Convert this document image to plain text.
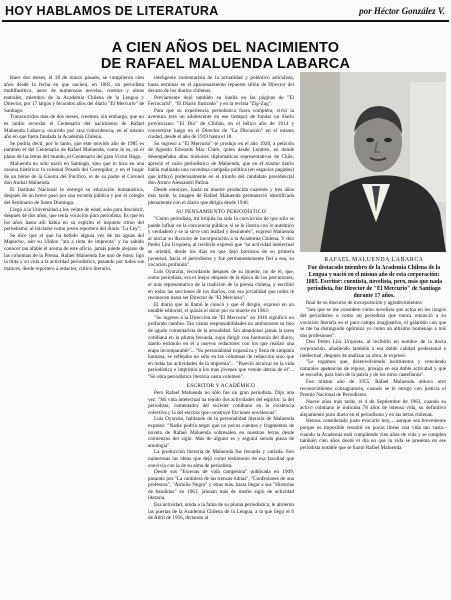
HOY HABLAMOS DE LITERATURA	por Héctor González V.
A CIEN AÑOS DEL NACIMIENTO
DE RAFAEL MALUENDA LABARCA

Hace dos meses, el 18 de marzo pasado, se cumplieron cien años desde la fecha en que naciera, en 1885, un periodista multifacético, autor de numerosas novelas, cuentos y obras teatrales, miembro de la Academia Chilena de la Lengua y Director, por 17 largos y fecundos años del diario "El Mercurio" de Santiago.

Transcurridos más de dos meses, creemos, sin embargo, que no es tardío recordar el Centenario del nacimiento de Rafael Maluenda Labarca, ocurrido por rara coincidencia, en el mismo año en que fuera fundada la Academia Chilena.

Se podría decir, por lo tanto, que este movido año de 1985 es también el del Centenario de Rafael Maluenda, como lo es, en el plano de las letras del mundo, el Centenario del gran Víctor Hugo.

Maluenda no sólo nació en Santiago, sino que lo hizo en una casona histórica: la colonial Posada del Corregidor, y en el hogar de un héroe de la Guerra del Pacífico, el de su padre el Coronel don Aníbal Maluenda.

El Instituto Nacional lo entregó su educación humanística, después de un breve paso por una escuela pública y por el colegio del Seminario de Santo Domingo.

Llegó a la Universidad a los veinte de edad, solo para descubrir, después de dos años, que tenía vocación para periodista. Es que en los años hasta allí había en su espíritu el inquieto ritmo del periodismo, al iniciarse como joven reportero del diario "La Ley".

Se dice que el que ha bebido alguna vez de las aguas del Mapocho, aún su Uláloo "ata a tinta de imprenta" y ha sabido conocer tan afable el aroma de este oficio, jamás puede alejarse de las columnas de la Prensa. Rafael Maluenda fue uno de éstos: ligó la tinta y su vida a la actividad periodística, pasando por todos sus matices, desde reportero a redactor, crítico literario,

inteligente comentarista de la actualidad y polémico articulista, hasta terminar en el apasionamiento repuesto sillón de Director del decano de los diarios chilenos.

Previamente dejó también su huella en las páginas de "El Ferrocarril", "El Diario Ilustrado" y en la revista "Zig-Zag".

Para que su experiencia periodística fuera completa, vivió la aventura (era un adolescente en ese tiempo) de fundar un diario provinciano: "El Día" de Chillán, en el bélico año de 1914 y convertirse luego en el Director de "La Discusión" en el mismo ciudad, desde el año de 1919 hasta el 18.

Su ingreso a "El Mercurio" se produjo en el año 1920, a petición de Agustín Edwards Mac Clure, quien desde Londres, en donde desempeñaba altas misiones diplomáticas representativas de Chile, apreció el valor periodístico de Maluenda, que en el mismo diario había realizado una novedosa campaña política (en espacios pagados) que influyó poderosamente en el triunfo del candidato presidencial don Arturo Alessandri Palma.

Desde entonces, hasta su muerte producida cuarenta y tres años más tarde, la imagen de Rafael Maluenda permaneció identificada plenamente con el diario que dirigía desde 1946.

SU PENSAMIENTO PERIODÍSTICO

"Como periodista, mi brújula ha sido la convicción de que sólo se puede influir en la conciencia pública, si se le ilustra con lo auténtico y verdadero y se la sirve con lealtad y desinterés", expresó Maluenda al iniciar su discurso de incorporación a la Academia Chilena. Y don Pedro Lira Urquieta, al recibirlo expresó que "su actividad intelectual se orientó, desde los días en que dejó borrosos de su primera juventud, hacia el periodismo y fue permanentemente fiel a esa, su vocación profunda".

Luis Oyarzún, recordando después de su muerte, no de él, que, como periodista, era el mejor después de la época de los precursores, el más representativo de la tradición de la prensa chilena, y escribió en todas las secciones de los diarios, con esa jovialidad que todos le reconocen hasta ser Director de "El Mercurio".

El diario que lo llamó le colocó y que él dirigió, expresó en un notable editorial, el quizás el dolor por su muerte en 1963:

"Su ingreso a la Dirección de "El Mercurio" en 1946 significó un profundo cambio. Tan vastas responsabilidades no aminoraron su tino de agudo comentarista de la actualidad. Sin abandonar jamás la tarea cotidiana en la pluma fecunda, supo dirigir con harmonía del diario, dando estímulo en él a nuevos redactores con los que realizó una etapa incomparable"... "Su personalidad expansiva y llena de simpatía humana, se reflejaba no sólo en las columnas de redacción sino que en todas las actividades de la imprenta"... "Pareció inculcar en la vida periodística e imprimía a los más jóvenes que venían detrás de él"... "Su obra periodística literaria vasta volumen".

ESCRITOR Y ACADÉMICO

Pero Rafael Maluenda no sólo fue un gran periodista. Dijo una vez: "Mi vida intelectual ha tenido dos actividades del espíritu: la del periodista, comentador del suceder cotidiano en la existencia colectiva y la del escritor que construye ficciones novelescas".

Luis Oyarzún, hablando de la personalidad literaria de Maluenda expresó: "Nadie podría negar que no pocos cuentos y fragmentos de novela de Rafael Maluenda sobresalen en nuestras letras desde comienzos del siglo. Más de alguno es y seguirá siendo pieza de antología".

La producción literaria de Maluenda fue fecunda y variada. Son numerosas las obras que dejó como testimonio de esa facultad que convivía con la de su alma de periodista.

Desde sus "Escenas de vida campesina" publicada en 1909, pasando por "La cantinera de las trenzas rubias", "Confesiones de una profesora", "Armiño Negro" y otras más, hasta llegar a sus "Historias de bandidos" en 1961, jalonan más de medio siglo de actividad literaria.

Esa actividad, unida a la fama de su pluma periodística, le abrieron las puertas de la Academia Chilena de la Lengua, a la que llegó el 6 de Abril de 1956, dictando al

RAFAEL MALUENDA LABARCA
Fue destacado miembro de la Academia Chilena de la Lengua y nació en el mismo año de esta corporación: 1885. Escritor: cuentista, novelista, pero, más que nada periodista, fue Director de "El Mercurio" de Santiago durante 17 años.

final de su discurso de incorporación y agradecimientos:

"Sea que se me considere como novelista que actúa en los rangos del periodismo o como un periodista que nunca renunció a su vocación literaria en el puro campo imaginativo, el galardón con que se me ha distinguido optimizó yo como un altísimo homenaje a mis dos profesiones".

Don Pedro Lira Urquieta, al recibirlo en nombre de la docta corporación, añadiendo también a esa doble calidad profesional e intelectual, después de analizar su obra, le expresó:

"Le rogamos que, desenvolviendo lucimientos y venciendo naturales apetencias de reposo, prosiga en esa doble actividad y que se escuche, para bien de la patria y de los otros castellanos".

Fue mismo año de 1955, Rafael Maluenda obtuvo otro reconocimiento consagratorio, cuando se le otorgo con justicia el Premio Nacional de Periodismo.

Nueve años más tarde, el 4 de Septiembre de 1963, cuando su activo cotidiano le indicaba 78 años de intensa vida, su definitivo alejamiento puso duelo en el periodismo y en las letras chilenas.

Hemos considerado justo evocarlo hoy,... aunque sea brevemente porque es imposible resumir en pocas líneas una vida tan vasta.- cuando la Academia está cumpliendo cien años de vida y se cumplen también cien años desde el día en que la vida se presenta en ese periodista notable que se llamó Rafael Maluenda
